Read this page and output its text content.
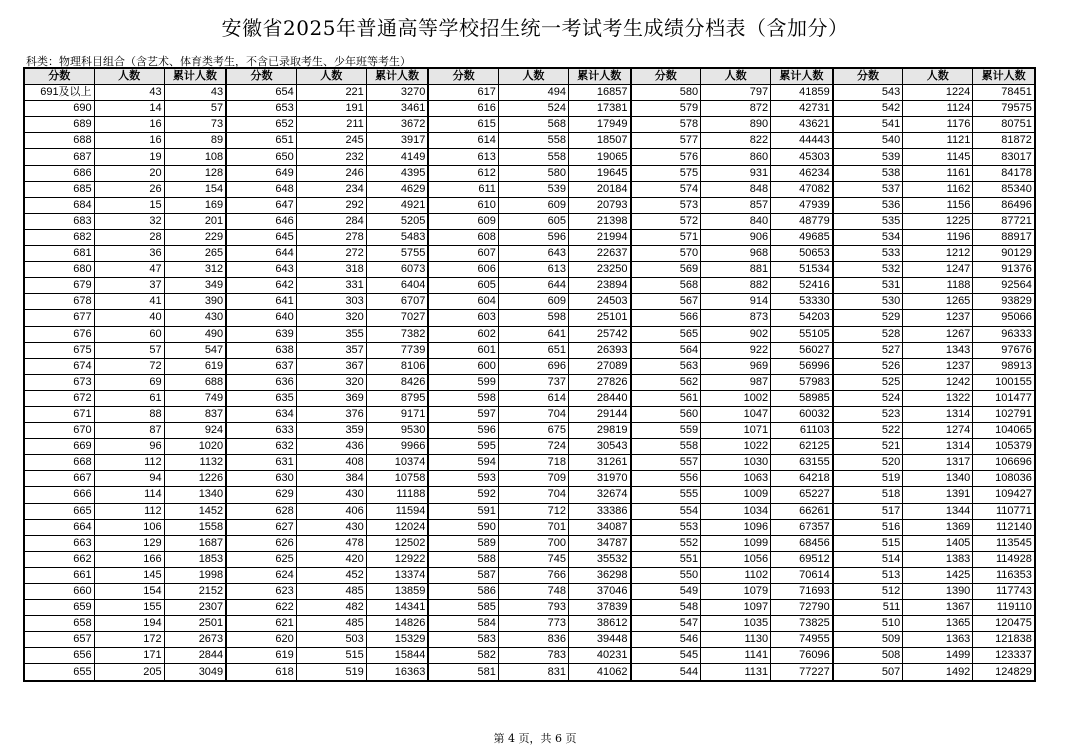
安徽省2025年普通高等学校招生统一考试考生成绩分档表（含加分）
科类：物理科目组合（含艺术、体育类考生，不含已录取考生、少年班等考生）
分数	人数	累计人数	分数	人数	累计人数	分数	人数	累计人数	分数	人数	累计人数	分数	人数	累计人数
691及以上	43	43	654	221	3270	617	494	16857	580	797	41859	543	1224	78451
690	14	57	653	191	3461	616	524	17381	579	872	42731	542	1124	79575
689	16	73	652	211	3672	615	568	17949	578	890	43621	541	1176	80751
688	16	89	651	245	3917	614	558	18507	577	822	44443	540	1121	81872
687	19	108	650	232	4149	613	558	19065	576	860	45303	539	1145	83017
686	20	128	649	246	4395	612	580	19645	575	931	46234	538	1161	84178
685	26	154	648	234	4629	611	539	20184	574	848	47082	537	1162	85340
684	15	169	647	292	4921	610	609	20793	573	857	47939	536	1156	86496
683	32	201	646	284	5205	609	605	21398	572	840	48779	535	1225	87721
682	28	229	645	278	5483	608	596	21994	571	906	49685	534	1196	88917
681	36	265	644	272	5755	607	643	22637	570	968	50653	533	1212	90129
680	47	312	643	318	6073	606	613	23250	569	881	51534	532	1247	91376
679	37	349	642	331	6404	605	644	23894	568	882	52416	531	1188	92564
678	41	390	641	303	6707	604	609	24503	567	914	53330	530	1265	93829
677	40	430	640	320	7027	603	598	25101	566	873	54203	529	1237	95066
676	60	490	639	355	7382	602	641	25742	565	902	55105	528	1267	96333
675	57	547	638	357	7739	601	651	26393	564	922	56027	527	1343	97676
674	72	619	637	367	8106	600	696	27089	563	969	56996	526	1237	98913
673	69	688	636	320	8426	599	737	27826	562	987	57983	525	1242	100155
672	61	749	635	369	8795	598	614	28440	561	1002	58985	524	1322	101477
671	88	837	634	376	9171	597	704	29144	560	1047	60032	523	1314	102791
670	87	924	633	359	9530	596	675	29819	559	1071	61103	522	1274	104065
669	96	1020	632	436	9966	595	724	30543	558	1022	62125	521	1314	105379
668	112	1132	631	408	10374	594	718	31261	557	1030	63155	520	1317	106696
667	94	1226	630	384	10758	593	709	31970	556	1063	64218	519	1340	108036
666	114	1340	629	430	11188	592	704	32674	555	1009	65227	518	1391	109427
665	112	1452	628	406	11594	591	712	33386	554	1034	66261	517	1344	110771
664	106	1558	627	430	12024	590	701	34087	553	1096	67357	516	1369	112140
663	129	1687	626	478	12502	589	700	34787	552	1099	68456	515	1405	113545
662	166	1853	625	420	12922	588	745	35532	551	1056	69512	514	1383	114928
661	145	1998	624	452	13374	587	766	36298	550	1102	70614	513	1425	116353
660	154	2152	623	485	13859	586	748	37046	549	1079	71693	512	1390	117743
659	155	2307	622	482	14341	585	793	37839	548	1097	72790	511	1367	119110
658	194	2501	621	485	14826	584	773	38612	547	1035	73825	510	1365	120475
657	172	2673	620	503	15329	583	836	39448	546	1130	74955	509	1363	121838
656	171	2844	619	515	15844	582	783	40231	545	1141	76096	508	1499	123337
655	205	3049	618	519	16363	581	831	41062	544	1131	77227	507	1492	124829
第 4 页，共 6 页
